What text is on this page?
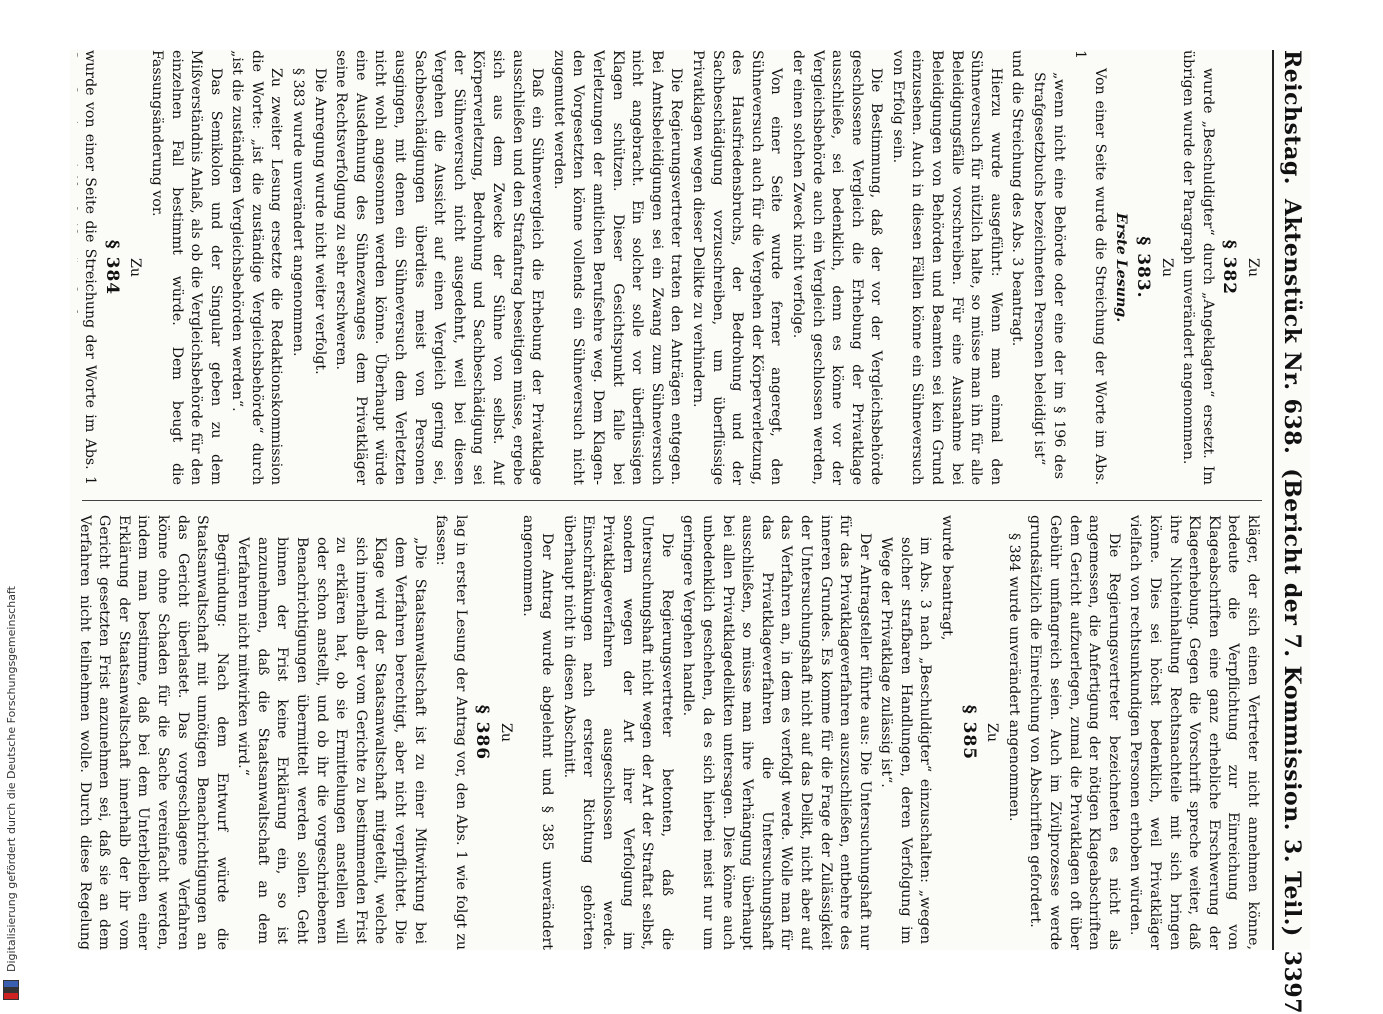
Reichstag.
Aktenstück Nr. 638.
(Bericht der 7. Kommission. 3. Teil.)
3397

Zu

§ 382

wurde „Beschuldigter“ durch „Angeklagten“ ersetzt. Im übrigen wurde der Paragraph unverändert angenommen.

Zu

§ 383.

Erste Lesung.

Von einer Seite wurde die Streichung der Worte im Abs. 1

„wenn nicht eine Behörde oder eine der im § 196 des Strafgesetzbuchs bezeichneten Personen beleidigt ist“

und die Streichung des Abs. 3 beantragt.

Hierzu wurde ausgeführt: Wenn man einmal den Sühneversuch für nützlich halte, so müsse man ihn für alle Beleidigungsfälle vorschreiben. Für eine Ausnahme bei Beleidigungen von Behörden und Beamten sei kein Grund einzusehen. Auch in diesen Fällen könne ein Sühneversuch von Erfolg sein.

Die Bestimmung, daß der vor der Vergleichsbehörde geschlossene Vergleich die Erhebung der Privatklage ausschließe, sei bedenklich, denn es könne vor der Vergleichsbehörde auch ein Vergleich geschlossen werden, der einen solchen Zweck nicht verfolge.

Von einer Seite wurde ferner angeregt, den Sühneversuch auch für die Vergehen der Körperverletzung, des Hausfriedensbruchs, der Bedrohung und der Sachbeschädigung vorzuschreiben, um überflüssige Privatklagen wegen dieser Delikte zu verhindern.

Die Regierungsvertreter traten den Anträgen entgegen. Bei Amtsbeleidigungen sei ein Zwang zum Sühneversuch nicht angebracht. Ein solcher solle vor überflüssigen Klagen schützen. Dieser Gesichtspunkt falle bei Verletzungen der amtlichen Berufsehre weg. Dem Klagen- den Vorgesetzten könne vollends ein Sühneversuch nicht zugemutet werden.

Daß ein Sühnevergleich die Erhebung der Privatklage ausschließen und den Strafantrag beseitigen müsse, ergebe sich aus dem Zwecke der Sühne von selbst. Auf Körperverletzung, Bedrohung und Sachbeschädigung sei der Sühneversuch nicht ausgedehnt, weil bei diesen Vergehen die Aussicht auf einen Vergleich gering sei, Sachbeschädigungen überdies meist von Personen ausgingen, mit denen ein Sühneversuch dem Verletzten nicht wohl angesonnen werden könne. Überhaupt würde eine Ausdehnung des Sühnezwanges dem Privatkläger seine Rechtsverfolgung zu sehr erschweren.

Die Anregung wurde nicht weiter verfolgt.

§ 383 wurde unverändert angenommen.

Zu zweiter Lesung ersetzte die Redaktionskommission die Worte: „ist die zuständige Vergleichsbehörde“ durch „ist die zuständigen Vergleichsbehörden werden“.

Das Semikolon und der Singular geben zu dem Mißverständnis Anlaß, als ob die Vergleichsbehörde für den einzelnen Fall bestimmt würde. Dem beugt die Fassungsänderung vor.

Zu

§ 384

wurde von einer Seite die Streichung der Worte im Abs. 1

kläger, der sich einen Vertreter nicht annehmen könne, bedeute die Verpflichtung zur Einreichung von Klageabschriften eine ganz erhebliche Erschwerung der Klageerhebung. Gegen die Vorschrift spreche weiter, daß ihre Nichteinhaltung Rechtsnachteile mit sich bringen könne. Dies sei höchst bedenklich, weil Privatkläger vielfach von rechtsunkundigen Personen erhoben würden.

Die Regierungsvertreter bezeichneten es nicht als angemessen, die Anfertigung der nötigen Klageabschriften dem Gericht aufzuerlegen, zumal die Privatklagen oft über Gebühr umfangreich seien. Auch im Zivilprozesse werde grundsätzlich die Einreichung von Abschriften gefordert.

§ 384 wurde unverändert angenommen.

Zu

§ 385

wurde beantragt,

im Abs. 3 nach „Beschuldigter“ einzuschalten: „wegen solcher strafbaren Handlungen, deren Verfolgung im Wege der Privatklage zulässig ist“.

Der Antragsteller führte aus: Die Untersuchungshaft nur für das Privatklageverfahren auszuschließen, entbehre des inneren Grundes. Es komme für die Frage der Zulässigkeit der Untersuchungshaft nicht auf das Delikt, nicht aber auf das Verfahren an, in dem es verfolgt werde. Wolle man für das Privatklageverfahren die Untersuchungshaft ausschließen, so müsse man ihre Verhängung überhaupt bei allen Privatklagedelikten untersagen. Dies könne auch unbedenklich geschehen, da es sich hierbei meist nur um geringere Vergehen handle.

Die Regierungsvertreter betonten, daß die Untersuchungshaft nicht wegen der Art der Straftat selbst, sondern wegen der Art ihrer Verfolgung im Privatklageverfahren ausgeschlossen werde. Einschränkungen nach ersterer Richtung gehörten überhaupt nicht in diesen Abschnitt.

Der Antrag wurde abgelehnt und § 385 unverändert angenommen.

Zu

§ 386

lag in erster Lesung der Antrag vor, den Abs. 1 wie folgt zu fassen:

„Die Staatsanwaltschaft ist zu einer Mitwirkung bei dem Verfahren berechtigt, aber nicht verpflichtet. Die Klage wird der Staatsanwaltschaft mitgeteilt, welche sich innerhalb der vom Gerichte zu bestimmenden Frist zu erklären hat, ob sie Ermittelungen anstellen will oder schon anstellt, und ob ihr die vorgeschriebenen Benachrichtigungen übermittelt werden sollen. Geht binnen der Frist keine Erklärung ein, so ist anzunehmen, daß die Staatsanwaltschaft an dem Verfahren nicht mitwirken wird.“

Begründung: Nach dem Entwurf würde die Staatsanwaltschaft mit unnötigen Benachrichtigungen an das Gericht überlastet. Das vorgeschlagene Verfahren könne ohne Schaden für die Sache vereinfacht werden, indem man bestimme, daß bei dem Unterbleiben einer Erklärung der Staatsanwaltschaft innerhalb der ihr vom Gericht gesetzten Frist anzunehmen sei, daß sie an dem Verfahren nicht teilnehmen wolle. Durch diese Regelung

Digitalisierung gefördert durch die Deutsche Forschungsgemeinschaft
